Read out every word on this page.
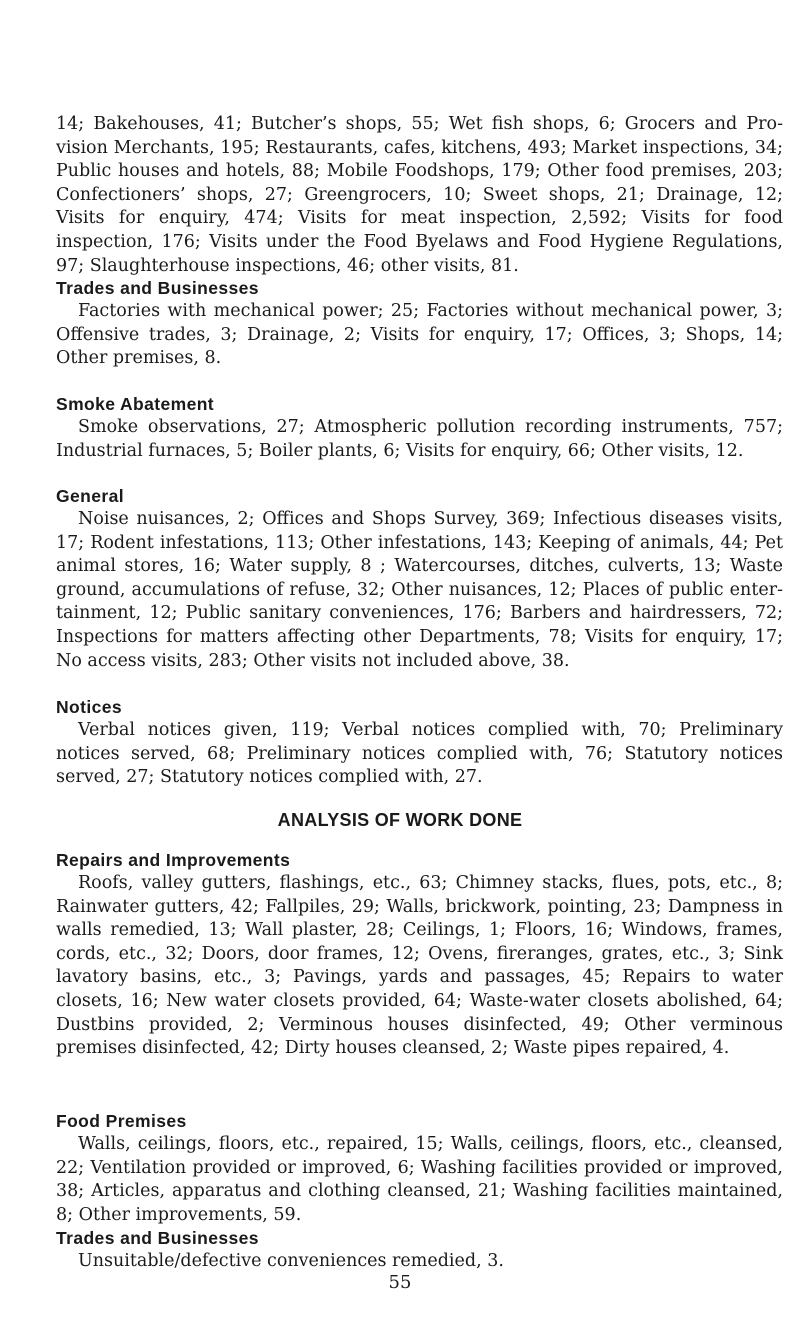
14; Bakehouses, 41; Butcher’s shops, 55; Wet fish shops, 6; Grocers and Provision Merchants, 195; Restaurants, cafes, kitchens, 493; Market inspections, 34; Public houses and hotels, 88; Mobile Foodshops, 179; Other food premises, 203; Confectioners’ shops, 27; Greengrocers, 10; Sweet shops, 21; Drainage, 12; Visits for enquiry, 474; Visits for meat inspection, 2,592; Visits for food inspection, 176; Visits under the Food Byelaws and Food Hygiene Regulations, 97; Slaughterhouse inspections, 46; other visits, 81.

Trades and Businesses

Factories with mechanical power; 25; Factories without mechanical power, 3; Offensive trades, 3; Drainage, 2; Visits for enquiry, 17; Offices, 3; Shops, 14; Other premises, 8.

Smoke Abatement

Smoke observations, 27; Atmospheric pollution recording instruments, 757; Industrial furnaces, 5; Boiler plants, 6; Visits for enquiry, 66; Other visits, 12.

General

Noise nuisances, 2; Offices and Shops Survey, 369; Infectious diseases visits, 17; Rodent infestations, 113; Other infestations, 143; Keeping of animals, 44; Pet animal stores, 16; Water supply, 8 ; Watercourses, ditches, culverts, 13; Waste ground, accumulations of refuse, 32; Other nuisances, 12; Places of public entertainment, 12; Public sanitary conveniences, 176; Barbers and hairdressers, 72; Inspections for matters affecting other Departments, 78; Visits for enquiry, 17; No access visits, 283; Other visits not included above, 38.

Notices

Verbal notices given, 119; Verbal notices complied with, 70; Preliminary notices served, 68; Preliminary notices complied with, 76; Statutory notices served, 27; Statutory notices complied with, 27.

ANALYSIS OF WORK DONE
Repairs and Improvements

Roofs, valley gutters, flashings, etc., 63; Chimney stacks, flues, pots, etc., 8; Rainwater gutters, 42; Fallpiles, 29; Walls, brickwork, pointing, 23; Dampness in walls remedied, 13; Wall plaster, 28; Ceilings, 1; Floors, 16; Windows, frames, cords, etc., 32; Doors, door frames, 12; Ovens, fireranges, grates, etc., 3; Sink lavatory basins, etc., 3; Pavings, yards and passages, 45; Repairs to water closets, 16; New water closets provided, 64; Waste-water closets abolished, 64; Dustbins provided, 2; Verminous houses disinfected, 49; Other verminous premises disinfected, 42; Dirty houses cleansed, 2; Waste pipes repaired, 4.

Food Premises

Walls, ceilings, floors, etc., repaired, 15; Walls, ceilings, floors, etc., cleansed, 22; Ventilation provided or improved, 6; Washing facilities provided or improved, 38; Articles, apparatus and clothing cleansed, 21; Washing facilities maintained, 8; Other improvements, 59.

Trades and Businesses

Unsuitable/defective conveniences remedied, 3.

55
